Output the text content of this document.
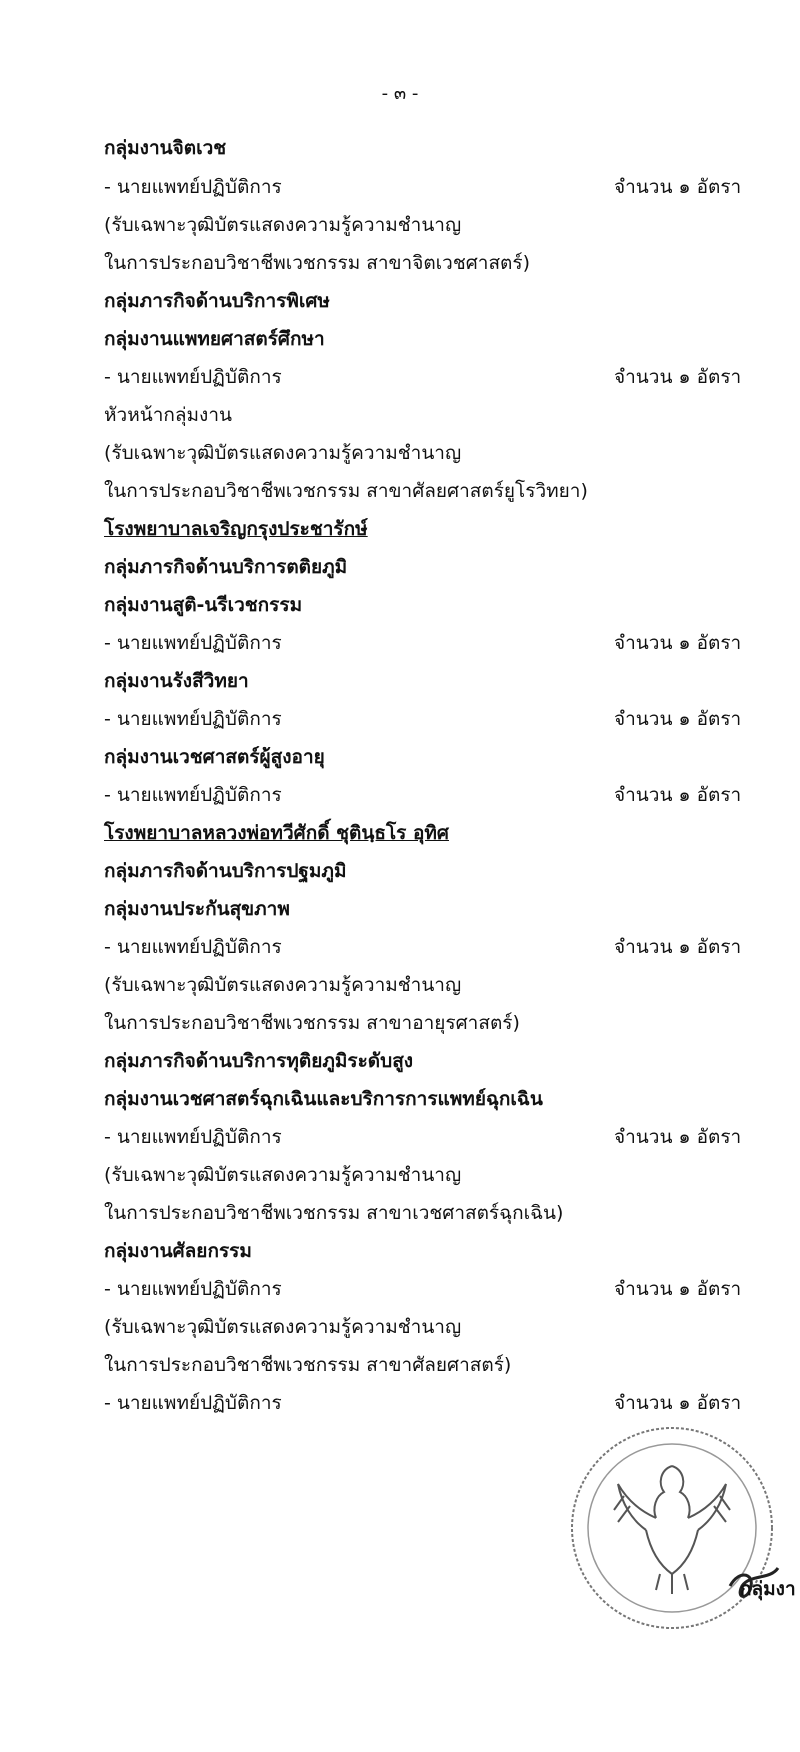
- ๓ -
กลุ่มงานจิตเวช
- นายแพทย์ปฏิบัติการ	จำนวน ๑ อัตรา
(รับเฉพาะวุฒิบัตรแสดงความรู้ความชำนาญ
ในการประกอบวิชาชีพเวชกรรม สาขาจิตเวชศาสตร์)
กลุ่มภารกิจด้านบริการพิเศษ
กลุ่มงานแพทยศาสตร์ศึกษา
- นายแพทย์ปฏิบัติการ	จำนวน ๑ อัตรา
หัวหน้ากลุ่มงาน
(รับเฉพาะวุฒิบัตรแสดงความรู้ความชำนาญ
ในการประกอบวิชาชีพเวชกรรม สาขาศัลยศาสตร์ยูโรวิทยา)
โรงพยาบาลเจริญกรุงประชารักษ์
กลุ่มภารกิจด้านบริการตติยภูมิ
กลุ่มงานสูติ-นรีเวชกรรม
- นายแพทย์ปฏิบัติการ	จำนวน ๑ อัตรา
กลุ่มงานรังสีวิทยา
- นายแพทย์ปฏิบัติการ	จำนวน ๑ อัตรา
กลุ่มงานเวชศาสตร์ผู้สูงอายุ
- นายแพทย์ปฏิบัติการ	จำนวน ๑ อัตรา
โรงพยาบาลหลวงพ่อทวีศักดิ์ ชุตินฺธโร อุทิศ
กลุ่มภารกิจด้านบริการปฐมภูมิ
กลุ่มงานประกันสุขภาพ
- นายแพทย์ปฏิบัติการ	จำนวน ๑ อัตรา
(รับเฉพาะวุฒิบัตรแสดงความรู้ความชำนาญ
ในการประกอบวิชาชีพเวชกรรม สาขาอายุรศาสตร์)
กลุ่มภารกิจด้านบริการทุติยภูมิระดับสูง
กลุ่มงานเวชศาสตร์ฉุกเฉินและบริการการแพทย์ฉุกเฉิน
- นายแพทย์ปฏิบัติการ	จำนวน ๑ อัตรา
(รับเฉพาะวุฒิบัตรแสดงความรู้ความชำนาญ
ในการประกอบวิชาชีพเวชกรรม สาขาเวชศาสตร์ฉุกเฉิน)
กลุ่มงานศัลยกรรม
- นายแพทย์ปฏิบัติการ	จำนวน ๑ อัตรา
(รับเฉพาะวุฒิบัตรแสดงความรู้ความชำนาญ
ในการประกอบวิชาชีพเวชกรรม สาขาศัลยศาสตร์)
- นายแพทย์ปฏิบัติการ	จำนวน ๑ อัตรา
กลุ่มงา
